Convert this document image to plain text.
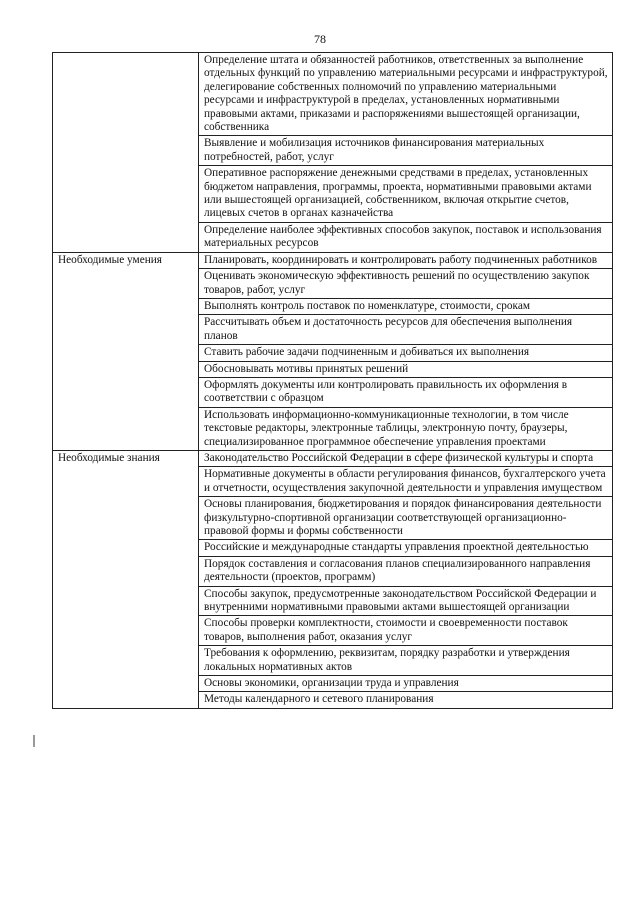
78
	Определение штата и обязанностей работников, ответственных за выполнение отдельных функций по управлению материальными ресурсами и инфраструктурой, делегирование собственных полномочий по управлению материальными ресурсами и инфраструктурой в пределах, установленных нормативными правовыми актами, приказами и распоряжениями вышестоящей организации, собственника
	Выявление и мобилизация источников финансирования материальных потребностей, работ, услуг
	Оперативное распоряжение денежными средствами в пределах, установленных бюджетом направления, программы, проекта, нормативными правовыми актами или вышестоящей организацией, собственником, включая открытие счетов, лицевых счетов в органах казначейства
	Определение наиболее эффективных способов закупок, поставок и использования материальных ресурсов
Необходимые умения	Планировать, координировать и контролировать работу подчиненных работников
	Оценивать экономическую эффективность решений по осуществлению закупок товаров, работ, услуг
	Выполнять контроль поставок по номенклатуре, стоимости, срокам
	Рассчитывать объем и достаточность ресурсов для обеспечения выполнения планов
	Ставить рабочие задачи подчиненным и добиваться их выполнения
	Обосновывать мотивы принятых решений
	Оформлять документы или контролировать правильность их оформления в соответствии с образцом
	Использовать информационно-коммуникационные технологии, в том числе текстовые редакторы, электронные таблицы, электронную почту, браузеры, специализированное программное обеспечение управления проектами
Необходимые знания	Законодательство Российской Федерации в сфере физической культуры и спорта
	Нормативные документы в области регулирования финансов, бухгалтерского учета и отчетности, осуществления закупочной деятельности и управления имуществом
	Основы планирования, бюджетирования и порядок финансирования деятельности физкультурно-спортивной организации соответствующей организационно-правовой формы и формы собственности
	Российские и международные стандарты управления проектной деятельностью
	Порядок составления и согласования планов специализированного направления деятельности (проектов, программ)
	Способы закупок, предусмотренные законодательством Российской Федерации и внутренними нормативными правовыми актами вышестоящей организации
	Способы проверки комплектности, стоимости и своевременности поставок товаров, выполнения работ, оказания услуг
	Требования к оформлению, реквизитам, порядку разработки и утверждения локальных нормативных актов
	Основы экономики, организации труда и управления
	Методы календарного и сетевого планирования
